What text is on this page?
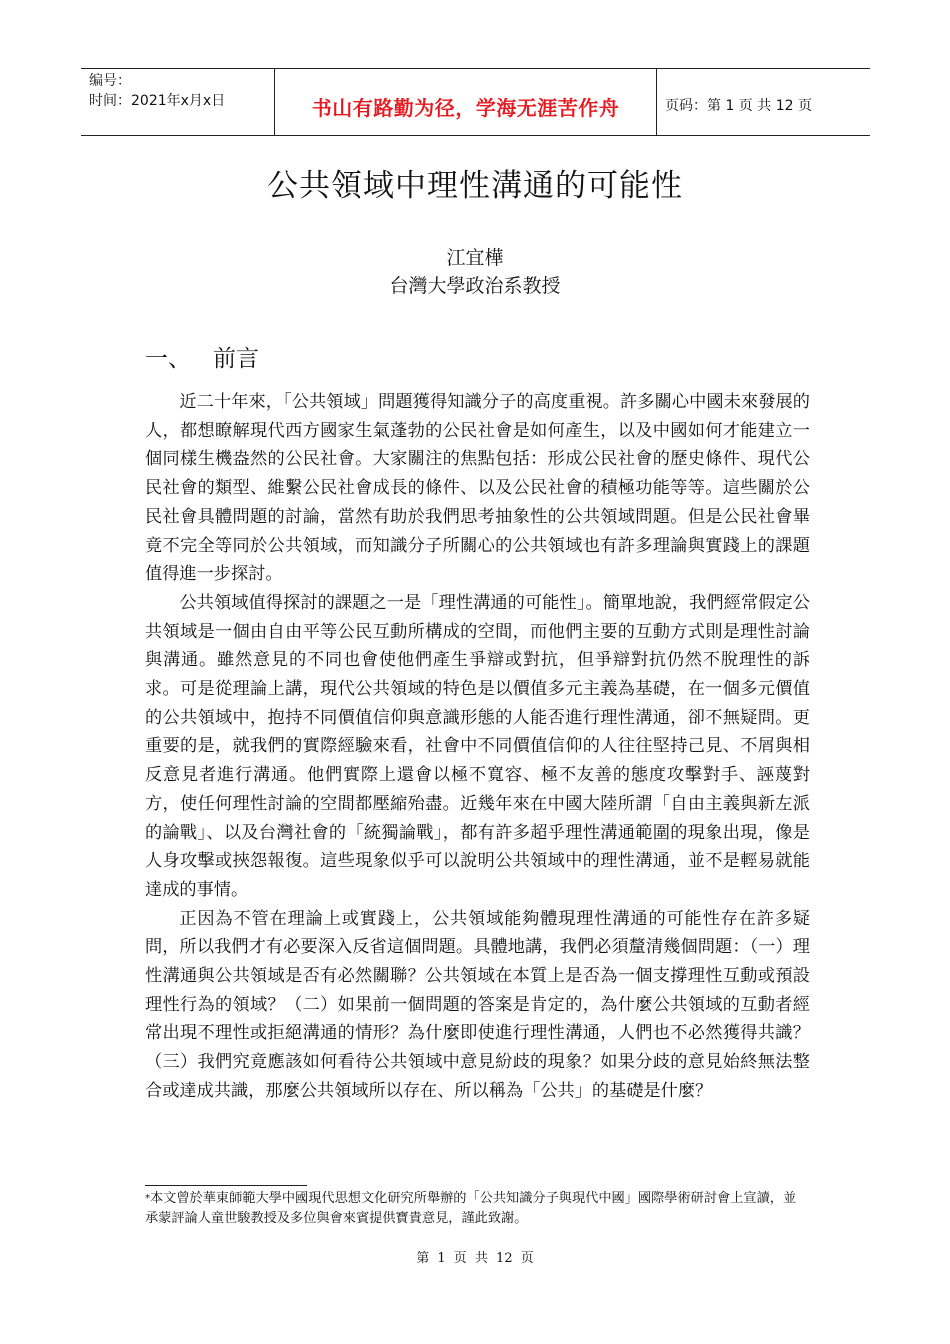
编号：
时间：2021年x月x日	书山有路勤为径，学海无涯苦作舟	页码：第 1 页 共 12 页
公共領域中理性溝通的可能性
江宜樺
台灣大學政治系教授
一、 前言

近二十年來，「公共領域」問題獲得知識分子的高度重視。許多關心中國未來發展的人，都想瞭解現代西方國家生氣蓬勃的公民社會是如何產生，以及中國如何才能建立一個同樣生機盎然的公民社會。大家關注的焦點包括：形成公民社會的歷史條件、現代公民社會的類型、維繫公民社會成長的條件、以及公民社會的積極功能等等。這些關於公民社會具體問題的討論，當然有助於我們思考抽象性的公共領域問題。但是公民社會畢竟不完全等同於公共領域，而知識分子所關心的公共領域也有許多理論與實踐上的課題值得進一步探討。

公共領域值得探討的課題之一是「理性溝通的可能性」。簡單地說，我們經常假定公共領域是一個由自由平等公民互動所構成的空間，而他們主要的互動方式則是理性討論與溝通。雖然意見的不同也會使他們產生爭辯或對抗，但爭辯對抗仍然不脫理性的訴求。可是從理論上講，現代公共領域的特色是以價值多元主義為基礎，在一個多元價值的公共領域中，抱持不同價值信仰與意識形態的人能否進行理性溝通，卻不無疑問。更重要的是，就我們的實際經驗來看，社會中不同價值信仰的人往往堅持己見、不屑與相反意見者進行溝通。他們實際上還會以極不寬容、極不友善的態度攻擊對手、誣蔑對方，使任何理性討論的空間都壓縮殆盡。近幾年來在中國大陸所謂「自由主義與新左派的論戰」、以及台灣社會的「統獨論戰」，都有許多超乎理性溝通範圍的現象出現，像是人身攻擊或挾怨報復。這些現象似乎可以說明公共領域中的理性溝通，並不是輕易就能達成的事情。

正因為不管在理論上或實踐上，公共領域能夠體現理性溝通的可能性存在許多疑問，所以我們才有必要深入反省這個問題。具體地講，我們必須釐清幾個問題：（一）理性溝通與公共領域是否有必然關聯？公共領域在本質上是否為一個支撐理性互動或預設理性行為的領域？（二）如果前一個問題的答案是肯定的，為什麼公共領域的互動者經常出現不理性或拒絕溝通的情形？為什麼即使進行理性溝通，人們也不必然獲得共識？（三）我們究竟應該如何看待公共領域中意見紛歧的現象？如果分歧的意見始終無法整合或達成共識，那麼公共領域所以存在、所以稱為「公共」的基礎是什麼？

*本文曾於華東師範大學中國現代思想文化研究所舉辦的「公共知識分子與現代中國」國際學術研討會上宣讀，並承蒙評論人童世駿教授及多位與會來賓提供寶貴意見，謹此致謝。
第 1 页 共 12 页
